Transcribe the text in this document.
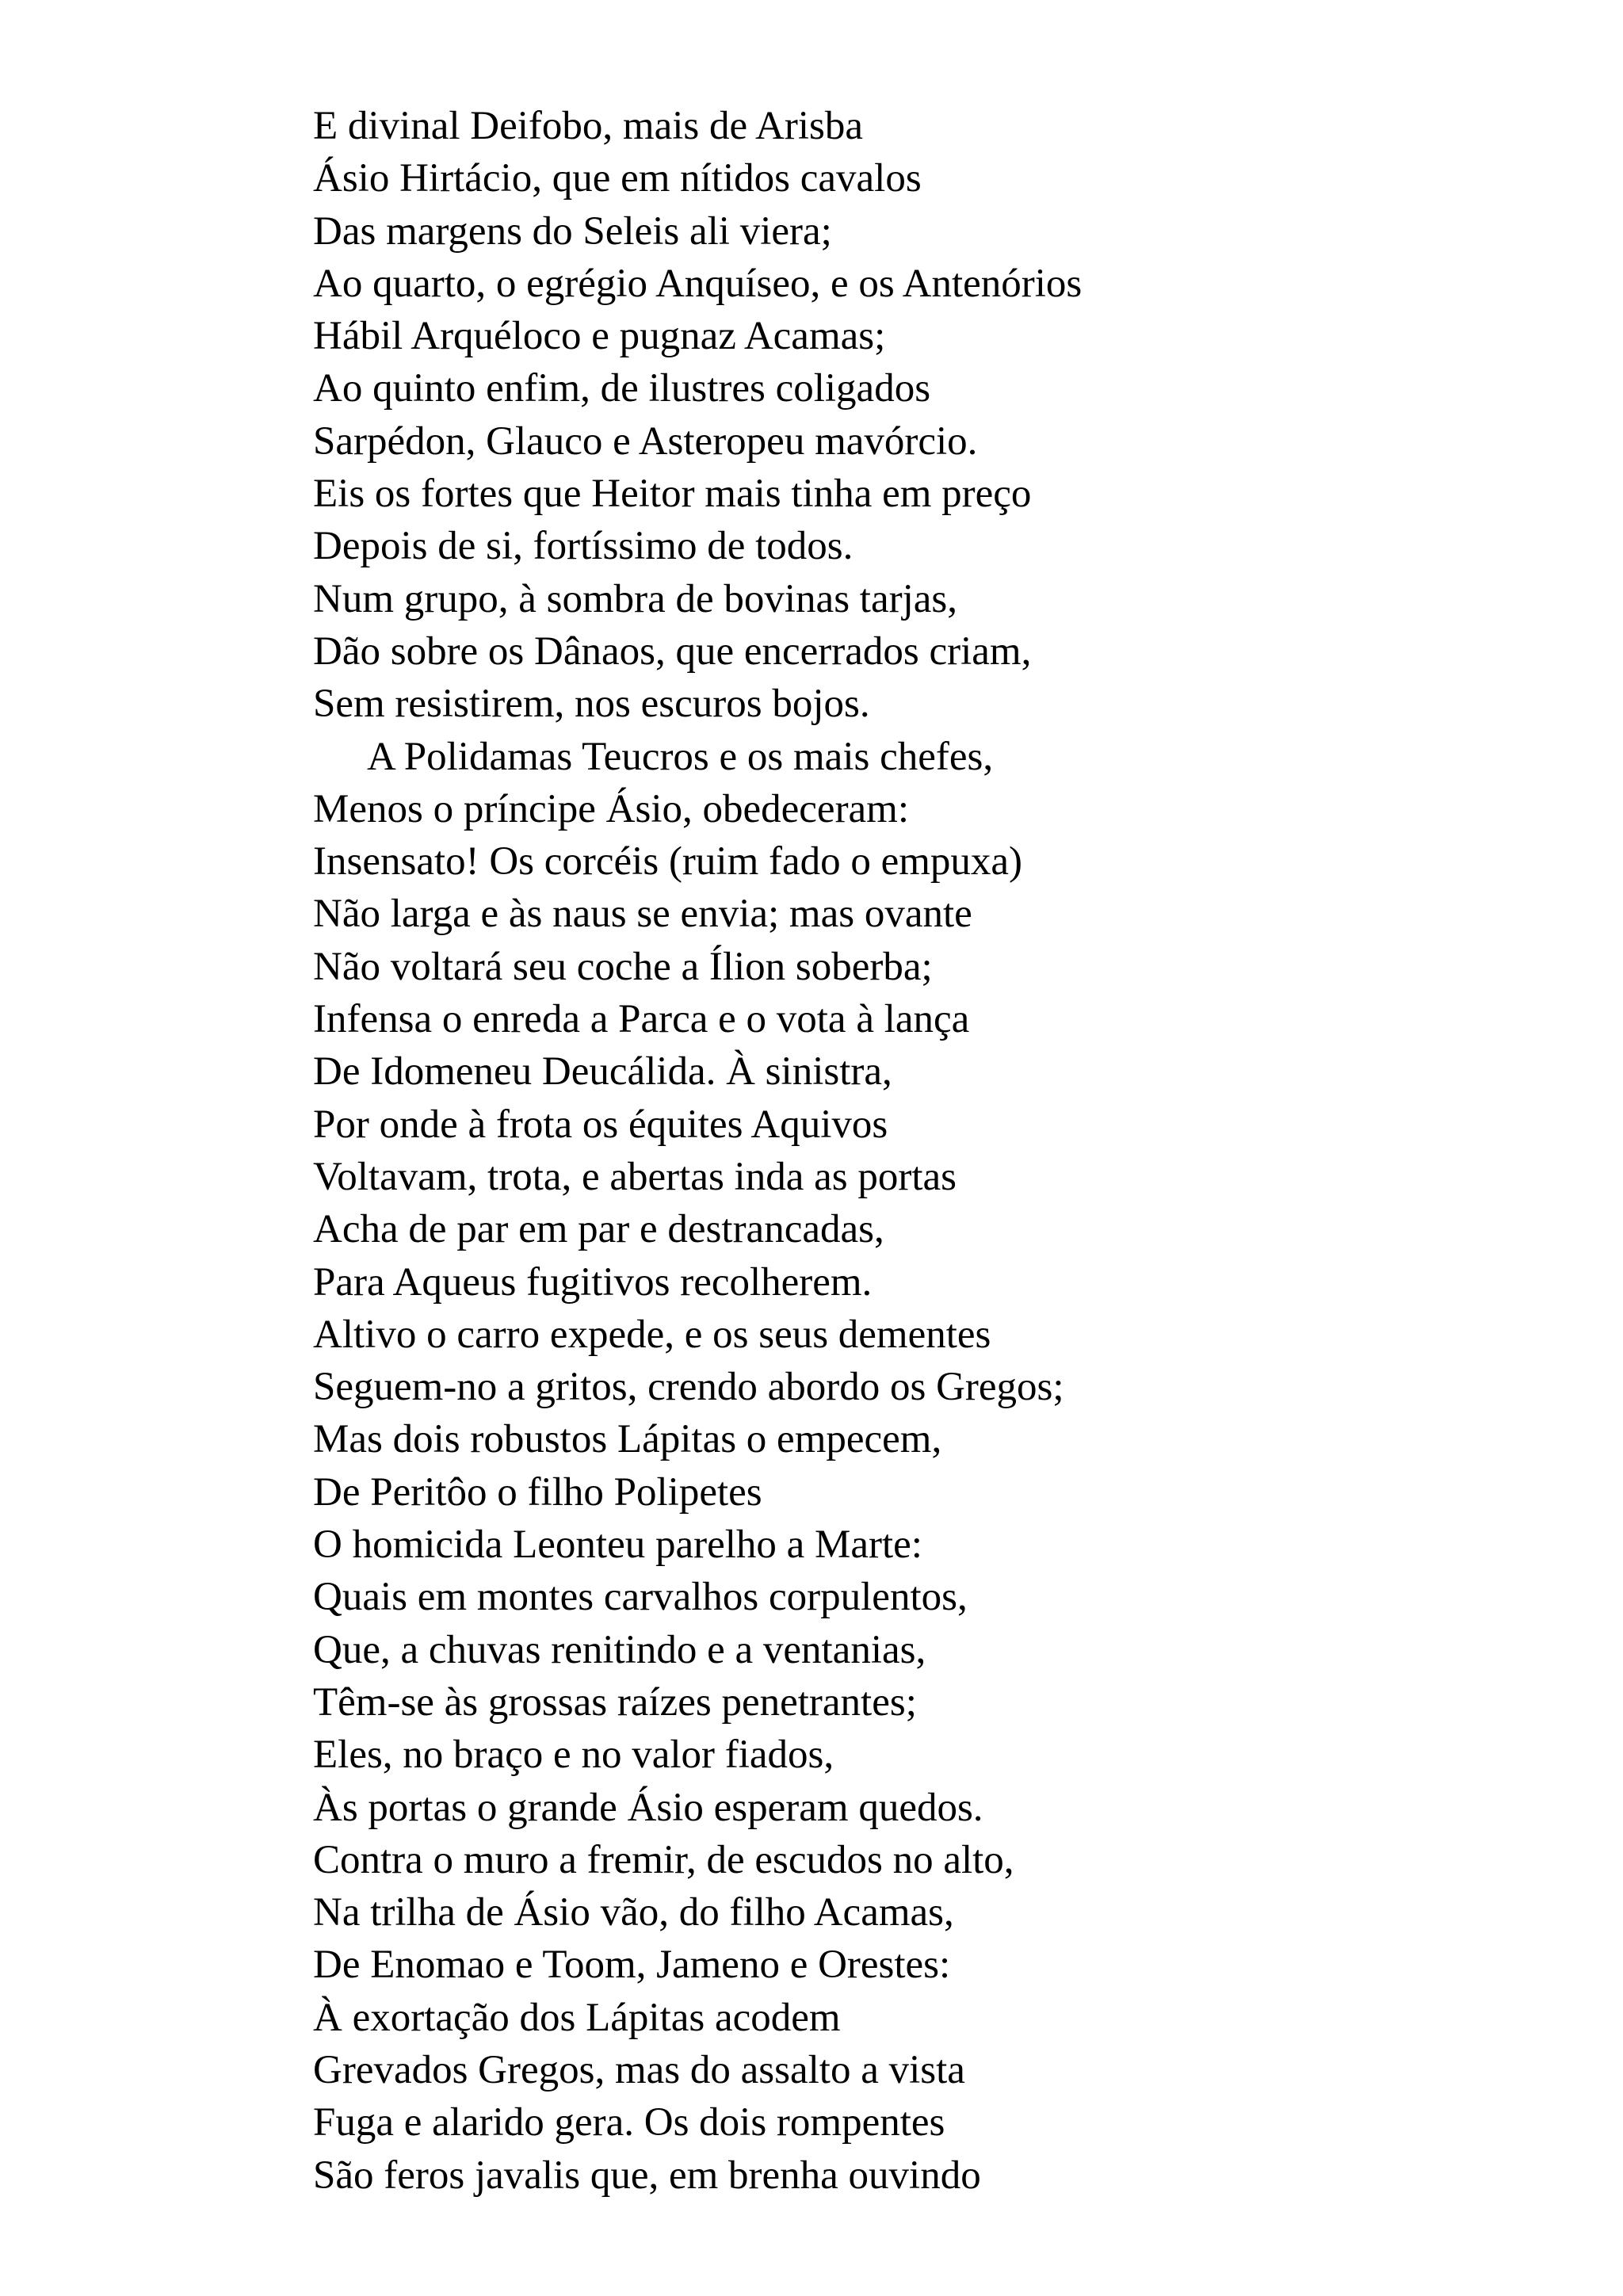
E divinal Deifobo, mais de Arisba
Ásio Hirtácio, que em nítidos cavalos
Das margens do Seleis ali viera;
Ao quarto, o egrégio Anquíseo, e os Antenórios
Hábil Arquéloco e pugnaz Acamas;
Ao quinto enfim, de ilustres coligados
Sarpédon, Glauco e Asteropeu mavórcio.
Eis os fortes que Heitor mais tinha em preço
Depois de si, fortíssimo de todos.
Num grupo, à sombra de bovinas tarjas,
Dão sobre os Dânaos, que encerrados criam,
Sem resistirem, nos escuros bojos.
A Polidamas Teucros e os mais chefes,
Menos o príncipe Ásio, obedeceram:
Insensato! Os corcéis (ruim fado o empuxa)
Não larga e às naus se envia; mas ovante
Não voltará seu coche a Ílion soberba;
Infensa o enreda a Parca e o vota à lança
De Idomeneu Deucálida. À sinistra,
Por onde à frota os équites Aquivos
Voltavam, trota, e abertas inda as portas
Acha de par em par e destrancadas,
Para Aqueus fugitivos recolherem.
Altivo o carro expede, e os seus dementes
Seguem-no a gritos, crendo abordo os Gregos;
Mas dois robustos Lápitas o empecem,
De Peritôo o filho Polipetes
O homicida Leonteu parelho a Marte:
Quais em montes carvalhos corpulentos,
Que, a chuvas renitindo e a ventanias,
Têm-se às grossas raízes penetrantes;
Eles, no braço e no valor fiados,
Às portas o grande Ásio esperam quedos.
Contra o muro a fremir, de escudos no alto,
Na trilha de Ásio vão, do filho Acamas,
De Enomao e Toom, Jameno e Orestes:
À exortação dos Lápitas acodem
Grevados Gregos, mas do assalto a vista
Fuga e alarido gera. Os dois rompentes
São feros javalis que, em brenha ouvindo
